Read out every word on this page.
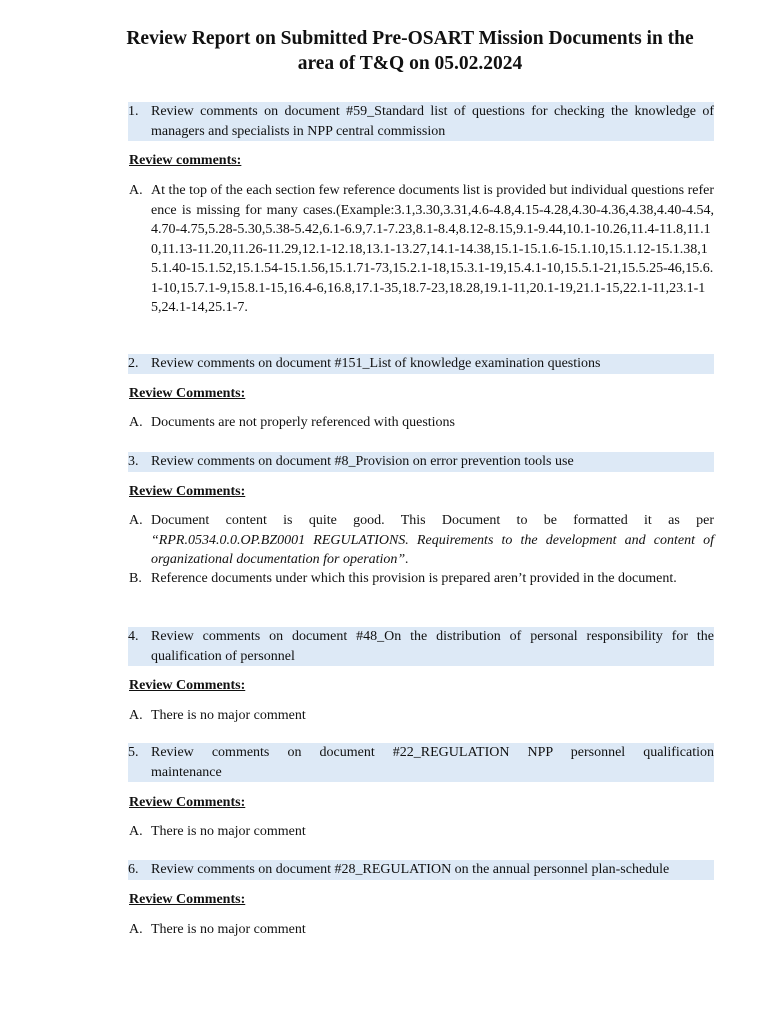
Review Report on Submitted Pre-OSART Mission Documents in the
area of T&Q on 05.02.2024
1. Review comments on document #59_Standard list of questions for checking the knowledge of managers and specialists in NPP central commission
Review comments:
A. At the top of the each section few reference documents list is provided but individual questions reference is missing for many cases.(Example:3.1,3.30,3.31,4.6-4.8,4.15-4.28,4.30-4.36,4.38,4.40-4.54,4.70-4.75,5.28-5.30,5.38-5.42,6.1-6.9,7.1-7.23,8.1-8.4,8.12-8.15,9.1-9.44,10.1-10.26,11.4-11.8,11.10,11.13-11.20,11.26-11.29,12.1-12.18,13.1-13.27,14.1-14.38,15.1-15.1.6-15.1.10,15.1.12-15.1.38,15.1.40-15.1.52,15.1.54-15.1.56,15.1.71-73,15.2.1-18,15.3.1-19,15.4.1-10,15.5.1-21,15.5.25-46,15.6.1-10,15.7.1-9,15.8.1-15,16.4-6,16.8,17.1-35,18.7-23,18.28,19.1-11,20.1-19,21.1-15,22.1-11,23.1-15,24.1-14,25.1-7.
2. Review comments on document #151_List of knowledge examination questions
Review Comments:
A. Documents are not properly referenced with questions
3. Review comments on document #8_Provision on error prevention tools use
Review Comments:
A. Document content is quite good. This Document to be formatted it as per “RPR.0534.0.0.OP.BZ0001 REGULATIONS. Requirements to the development and content of organizational documentation for operation”.
B. Reference documents under which this provision is prepared aren’t provided in the document.
4. Review comments on document #48_On the distribution of personal responsibility for the qualification of personnel
Review Comments:
A. There is no major comment
5. Review comments on document #22_REGULATION NPP personnel qualification maintenance
Review Comments:
A. There is no major comment
6. Review comments on document #28_REGULATION on the annual personnel plan-schedule
Review Comments:
A. There is no major comment
